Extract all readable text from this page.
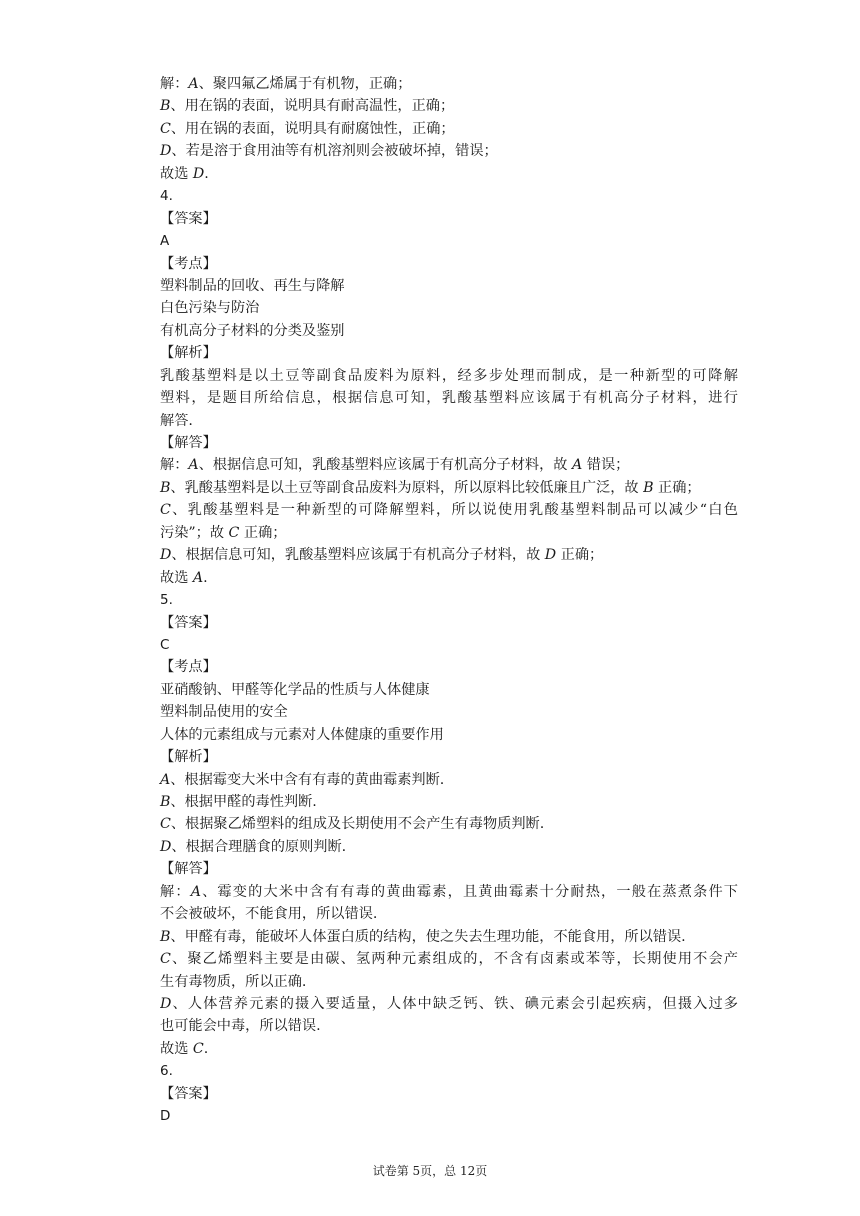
解：𝐴、聚四氟乙烯属于有机物，正确；
𝐵、用在锅的表面，说明具有耐高温性，正确；
𝐶、用在锅的表面，说明具有耐腐蚀性，正确；
𝐷、若是溶于食用油等有机溶剂则会被破坏掉，错误；
故选 𝐷.
4.
【答案】
A
【考点】
塑料制品的回收、再生与降解
白色污染与防治
有机高分子材料的分类及鉴别
【解析】
乳酸基塑料是以土豆等副食品废料为原料，经多步处理而制成，是一种新型的可降解
塑料，是题目所给信息，根据信息可知，乳酸基塑料应该属于有机高分子材料，进行
解答.
【解答】
解：𝐴、根据信息可知，乳酸基塑料应该属于有机高分子材料，故 𝐴 错误；
𝐵、乳酸基塑料是以土豆等副食品废料为原料，所以原料比较低廉且广泛，故 𝐵 正确；
𝐶、乳酸基塑料是一种新型的可降解塑料，所以说使用乳酸基塑料制品可以减少“白色
污染”；故 𝐶 正确；
𝐷、根据信息可知，乳酸基塑料应该属于有机高分子材料，故 𝐷 正确；
故选 𝐴.
5.
【答案】
C
【考点】
亚硝酸钠、甲醛等化学品的性质与人体健康
塑料制品使用的安全
人体的元素组成与元素对人体健康的重要作用
【解析】
𝐴、根据霉变大米中含有有毒的黄曲霉素判断.
𝐵、根据甲醛的毒性判断.
𝐶、根据聚乙烯塑料的组成及长期使用不会产生有毒物质判断.
𝐷、根据合理膳食的原则判断.
【解答】
解：𝐴、霉变的大米中含有有毒的黄曲霉素，且黄曲霉素十分耐热，一般在蒸煮条件下
不会被破坏，不能食用，所以错误.
𝐵、甲醛有毒，能破坏人体蛋白质的结构，使之失去生理功能，不能食用，所以错误.
𝐶、聚乙烯塑料主要是由碳、氢两种元素组成的，不含有卤素或苯等，长期使用不会产
生有毒物质，所以正确.
𝐷、人体营养元素的摄入要适量，人体中缺乏钙、铁、碘元素会引起疾病，但摄入过多
也可能会中毒，所以错误.
故选 𝐶.
6.
【答案】
D
试卷第 5页，总 12页
